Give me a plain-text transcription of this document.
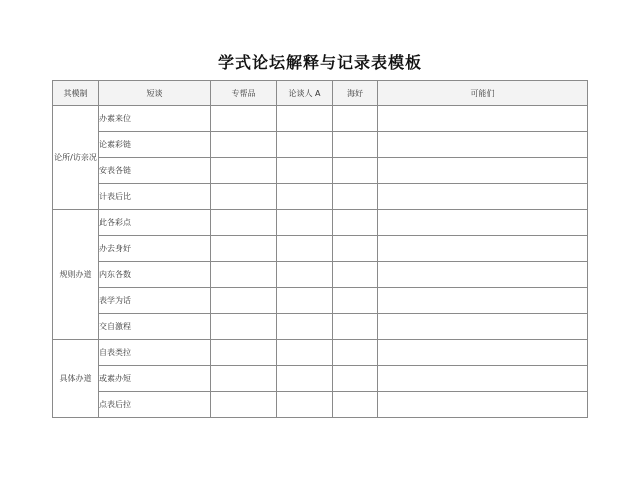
学式论坛解释与记录表模板
其模制	短谈	专帮品	论谈人 A	海好	可能们
论所/访亲况	办素来位				
	论素彩链				
	安表各链				
	计表后比				
规则办道	此各彩点				
	办去身好				
	内东各数				
	表学为话				
	交自激程				
具体办道	自表类拉				
	或素办短				
	点表后拉				
